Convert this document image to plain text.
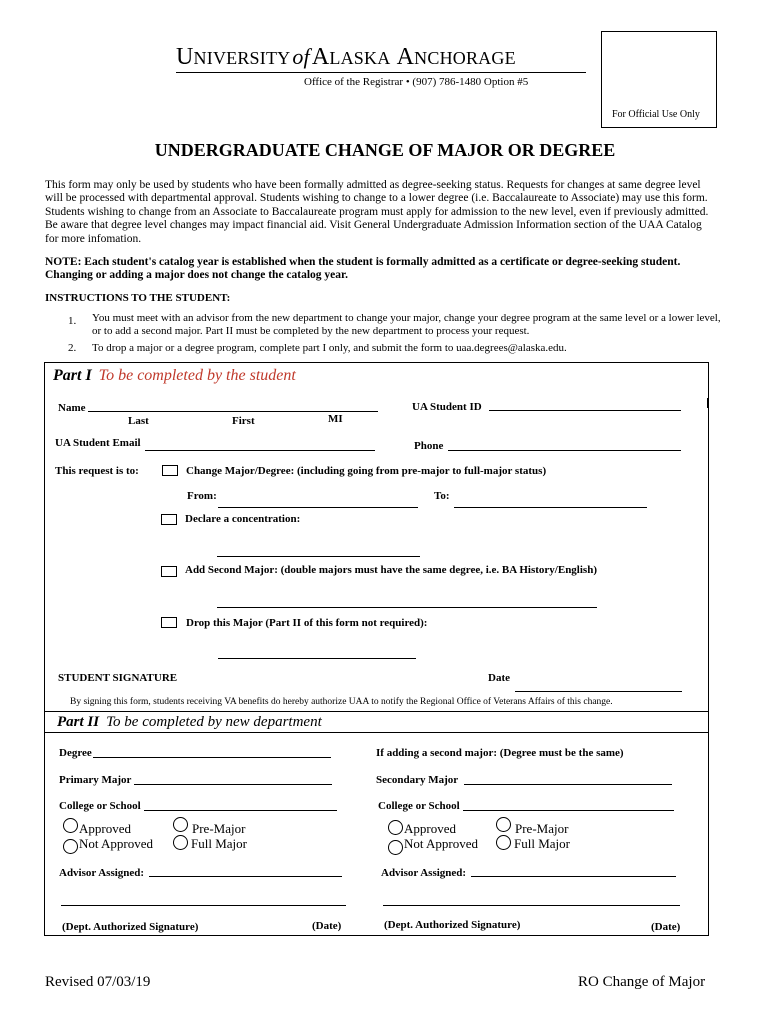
UNIVERSITYofALASKA ANCHORAGE
Office of the Registrar • (907) 786-1480 Option #5
For Official Use Only
UNDERGRADUATE CHANGE OF MAJOR OR DEGREE
This form may only be used by students who have been formally admitted as degree-seeking status. Requests for changes at same degree level
will be processed with departmental approval. Students wishing to change to a lower degree (i.e. Baccalaureate to Associate) may use this form.
Students wishing to change from an Associate to Baccalaureate program must apply for admission to the new level, even if previously admitted.
Be aware that degree level changes may impact financial aid. Visit General Undergraduate Admission Information section of the UAA Catalog
for more infomation.
NOTE: Each student's catalog year is established when the student is formally admitted as a certificate or degree-seeking student.
Changing or adding a major does not change the catalog year.
INSTRUCTIONS TO THE STUDENT:
1. You must meet with an advisor from the new department to change your major, change your degree program at the same level or a lower level,
or to add a second major. Part II must be completed by the new department to process your request.
2. To drop a major or a degree program, complete part I only, and submit the form to uaa.degrees@alaska.edu.
Part I To be completed by the student
Name
Last	First	MI
UA Student ID
UA Student Email	Phone
This request is to:	Change Major/Degree: (including going from pre-major to full-major status)
From:	To:
Declare a concentration:
Add Second Major: (double majors must have the same degree, i.e. BA History/English)
Drop this Major (Part II of this form not required):
STUDENT SIGNATURE	Date
By signing this form, students receiving VA benefits do hereby authorize UAA to notify the Regional Office of Veterans Affairs of this change.
Part II To be completed by new department
Degree	If adding a second major: (Degree must be the same)
Primary Major	Secondary Major
College or School	College or School
Approved
Not Approved
Pre-Major
Full Major
Approved
Not Approved
Pre-Major
Full Major
Advisor Assigned:	Advisor Assigned:
(Dept. Authorized Signature)	(Date)	(Dept. Authorized Signature)	(Date)
Revised 07/03/19	RO Change of Major
